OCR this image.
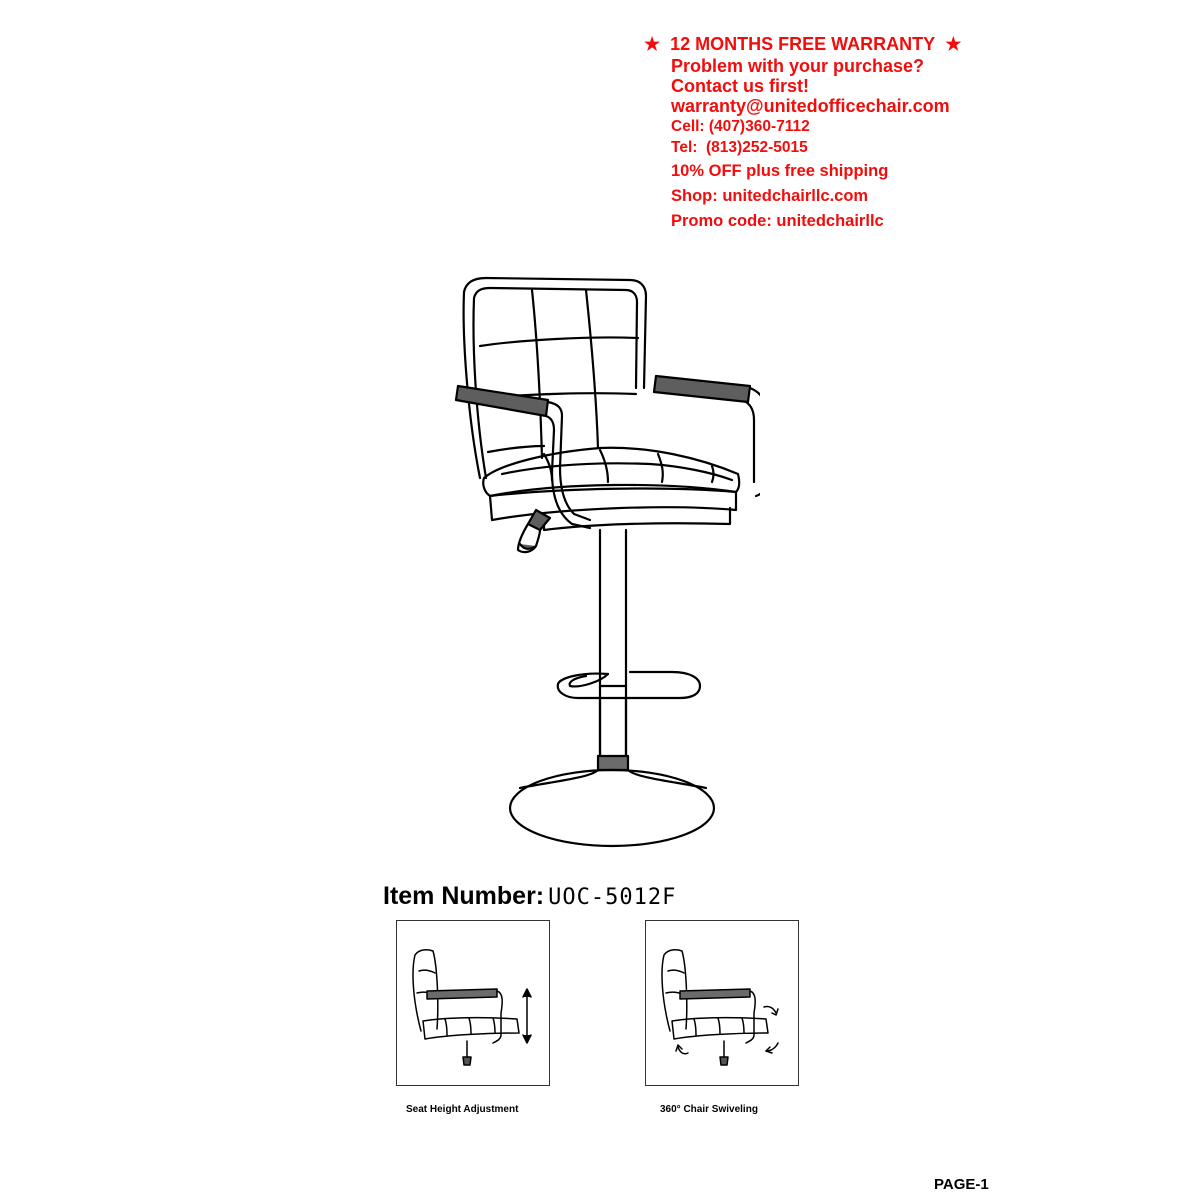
★ 12 MONTHS FREE WARRANTY ★
Problem with your purchase?
Contact us first!
warranty@unitedofficechair.com
Cell: (407)360-7112
Tel:  (813)252-5015
10% OFF plus free shipping
Shop: unitedchairllc.com
Promo code: unitedchairllc
Item Number: UOC-5012F
Seat Height Adjustment	360° Chair Swiveling
PAGE-1
